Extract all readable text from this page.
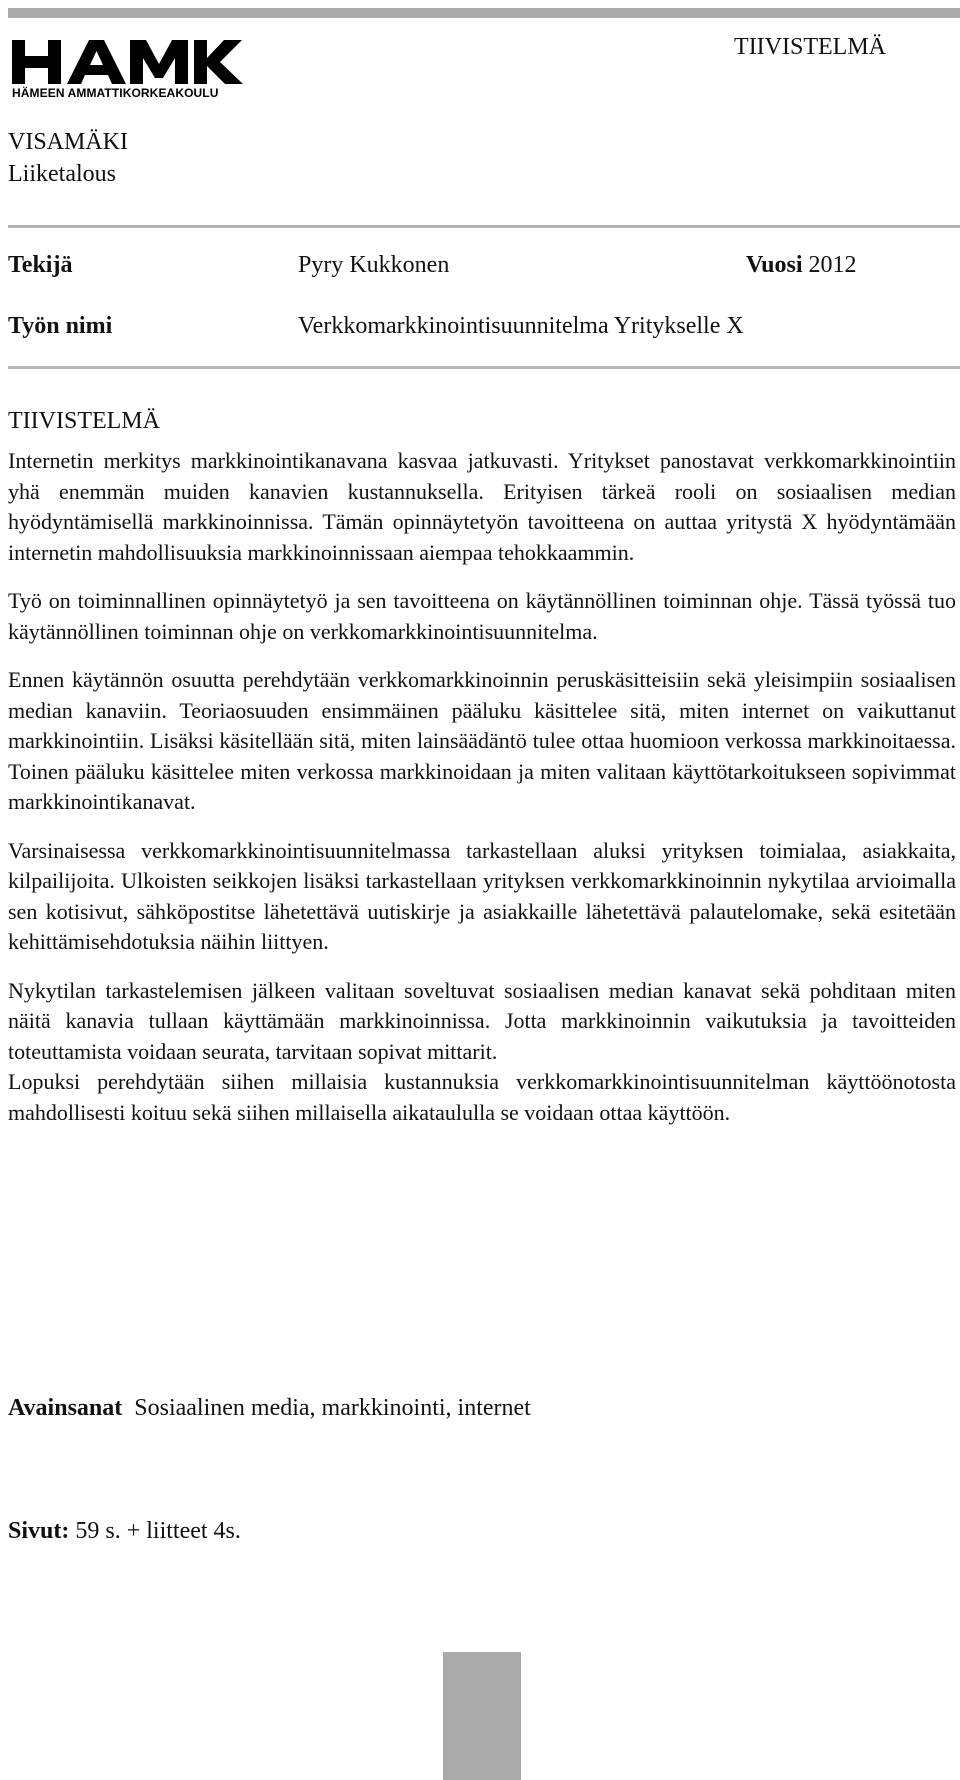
HAMK
HÄMEEN AMMATTIKORKEAKOULU
TIIVISTELMÄ
VISAMÄKI
Liiketalous
Tekijä	Pyry Kukkonen	Vuosi 2012
Työn nimi	Verkkomarkkinointisuunnitelma Yritykselle X
TIIVISTELMÄ

Internetin merkitys markkinointikanavana kasvaa jatkuvasti. Yritykset panostavat verkkomarkkinointiin yhä enemmän muiden kanavien kustannuksella. Erityisen tärkeä rooli on sosiaalisen median hyödyntämisellä markkinoinnissa. Tämän opinnäytetyön tavoitteena on auttaa yritystä X hyödyntämään internetin mahdollisuuksia markkinoinnissaan aiempaa tehokkaammin.

Työ on toiminnallinen opinnäytetyö ja sen tavoitteena on käytännöllinen toiminnan ohje. Tässä työssä tuo käytännöllinen toiminnan ohje on verkkomarkkinointisuunnitelma.

Ennen käytännön osuutta perehdytään verkkomarkkinoinnin peruskäsitteisiin sekä yleisimpiin sosiaalisen median kanaviin. Teoriaosuuden ensimmäinen pääluku käsittelee sitä, miten internet on vaikuttanut markkinointiin. Lisäksi käsitellään sitä, miten lainsäädäntö tulee ottaa huomioon verkossa markkinoitaessa. Toinen pääluku käsittelee miten verkossa markkinoidaan ja miten valitaan käyttötarkoitukseen sopivimmat markkinointikanavat.

Varsinaisessa verkkomarkkinointisuunnitelmassa tarkastellaan aluksi yrityksen toimialaa, asiakkaita, kilpailijoita. Ulkoisten seikkojen lisäksi tarkastellaan yrityksen verkkomarkkinoinnin nykytilaa arvioimalla sen kotisivut, sähköpostitse lähetettävä uutiskirje ja asiakkaille lähetettävä palautelomake, sekä esitetään kehittämisehdotuksia näihin liittyen.

Nykytilan tarkastelemisen jälkeen valitaan soveltuvat sosiaalisen median kanavat sekä pohditaan miten näitä kanavia tullaan käyttämään markkinoinnissa. Jotta markkinoinnin vaikutuksia ja tavoitteiden toteuttamista voidaan seurata, tarvitaan sopivat mittarit.

Lopuksi perehdytään siihen millaisia kustannuksia verkkomarkkinointisuunnitelman käyttöönotosta mahdollisesti koituu sekä siihen millaisella aikataululla se voidaan ottaa käyttöön.

Avainsanat Sosiaalinen media, markkinointi, internet
Sivut: 59 s. + liitteet 4s.
